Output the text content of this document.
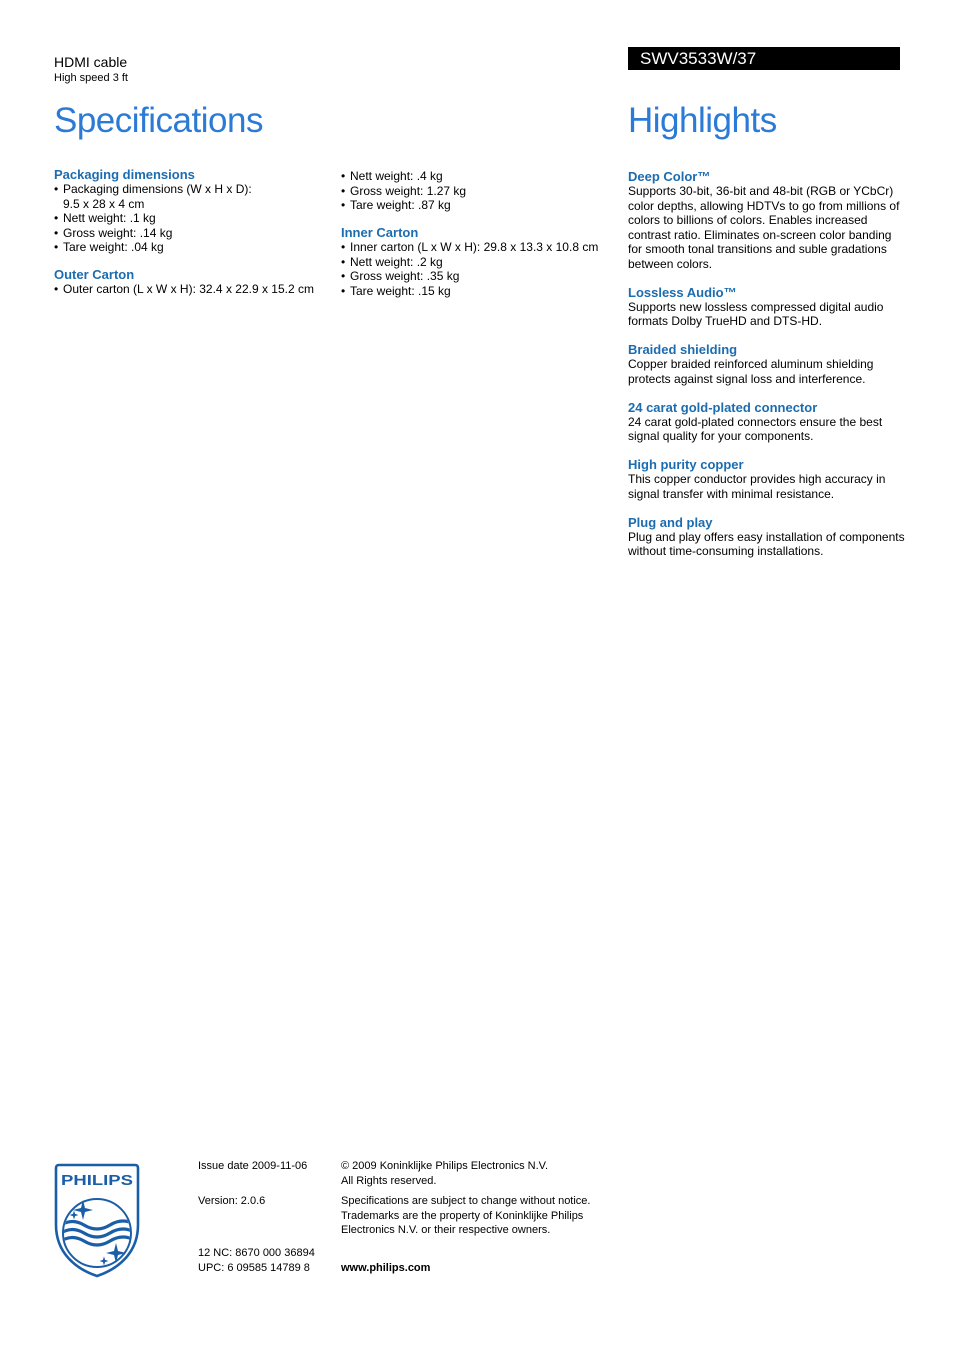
HDMI cable
High speed 3 ft
SWV3533W/37
Specifications	Highlights
Packaging dimensions
• Packaging dimensions (W x H x D):
9.5 x 28 x 4 cm
• Nett weight: .1 kg
• Gross weight: .14 kg
• Tare weight: .04 kg
Outer Carton
• Outer carton (L x W x H): 32.4 x 22.9 x 15.2 cm
• Nett weight: .4 kg
• Gross weight: 1.27 kg
• Tare weight: .87 kg
Inner Carton
• Inner carton (L x W x H): 29.8 x 13.3 x 10.8 cm
• Nett weight: .2 kg
• Gross weight: .35 kg
• Tare weight: .15 kg
Deep Color™
Supports 30-bit, 36-bit and 48-bit (RGB or YCbCr)
color depths, allowing HDTVs to go from millions of
colors to billions of colors. Enables increased
contrast ratio. Eliminates on-screen color banding
for smooth tonal transitions and suble gradations
between colors.
Lossless Audio™
Supports new lossless compressed digital audio
formats Dolby TrueHD and DTS-HD.
Braided shielding
Copper braided reinforced aluminum shielding
protects against signal loss and interference.
24 carat gold-plated connector
24 carat gold-plated connectors ensure the best
signal quality for your components.
High purity copper
This copper conductor provides high accuracy in
signal transfer with minimal resistance.
Plug and play
Plug and play offers easy installation of components
without time-consuming installations.
PHILIPS
Issue date 2009-11-06
Version: 2.0.6
12 NC: 8670 000 36894
UPC: 6 09585 14789 8
© 2009 Koninklijke Philips Electronics N.V.
All Rights reserved.
Specifications are subject to change without notice.
Trademarks are the property of Koninklijke Philips
Electronics N.V. or their respective owners.
www.philips.com
